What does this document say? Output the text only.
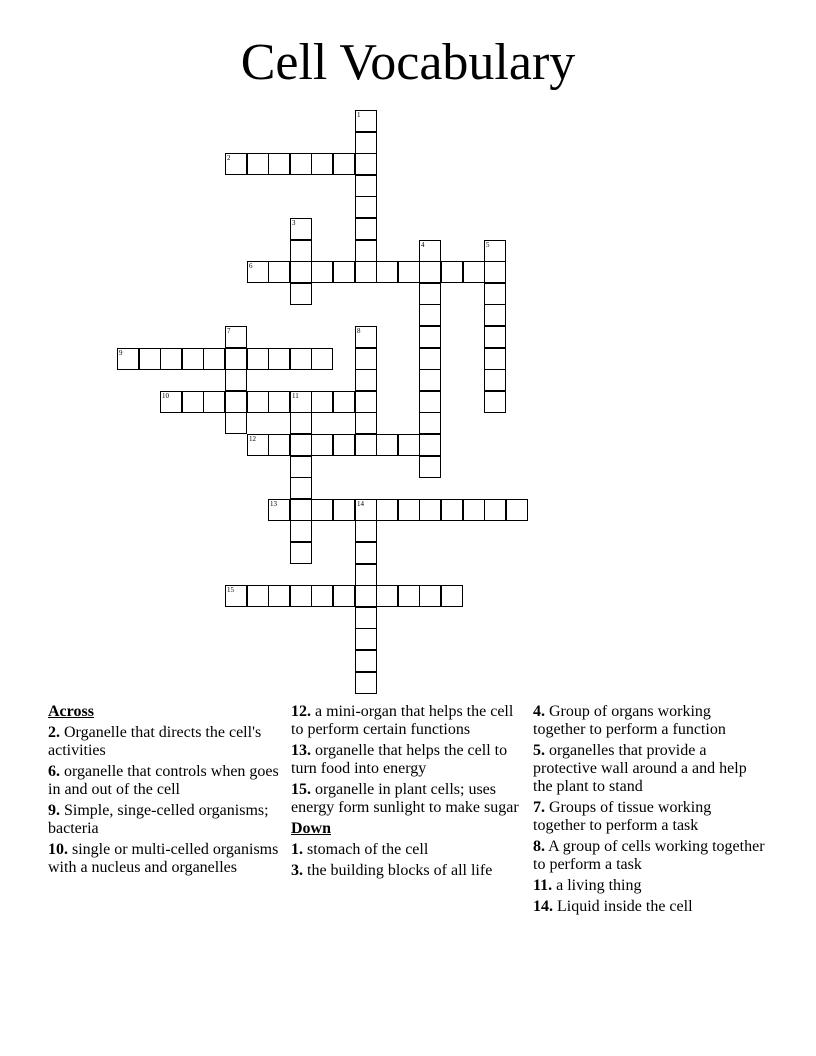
Cell Vocabulary
2
6
9
10	11
12
13	14
15
1
3
4	5
7	8
Across
2. Organelle that directs the cell's activities
6. organelle that controls when goes in and out of the cell
9. Simple, singe-celled organisms; bacteria
10. single or multi-celled organisms with a nucleus and organelles
12. a mini-organ that helps the cell to perform certain functions
13. organelle that helps the cell to turn food into energy
15. organelle in plant cells; uses energy form sunlight to make sugar
Down
1. stomach of the cell
3. the building blocks of all life
4. Group of organs working together to perform a function
5. organelles that provide a protective wall around a and help the plant to stand
7. Groups of tissue working together to perform a task
8. A group of cells working together to perform a task
11. a living thing
14. Liquid inside the cell
